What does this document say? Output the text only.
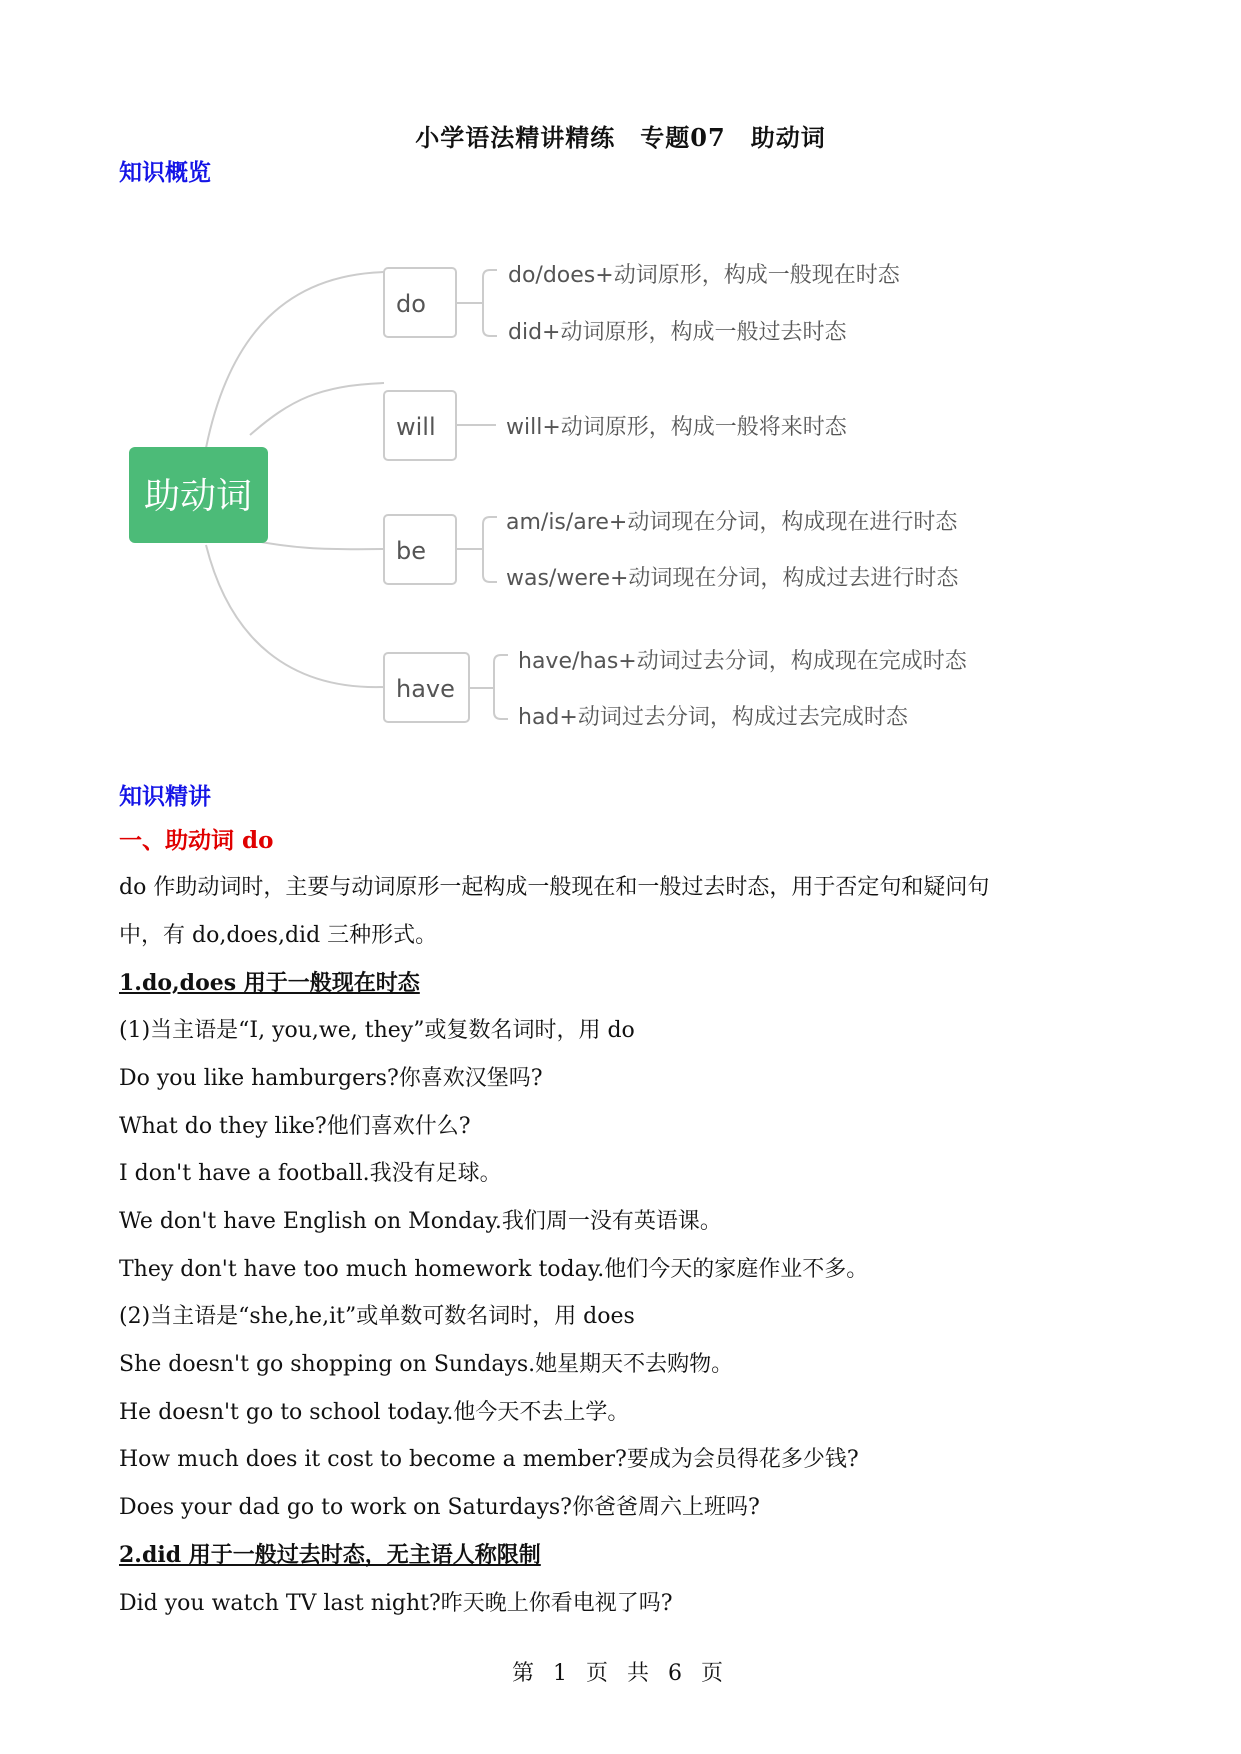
小学语法精讲精练　专题07　助动词
知识概览
助动词
do
will
be
have
do/does+动词原形，构成一般现在时态
did+动词原形，构成一般过去时态
will+动词原形，构成一般将来时态
am/is/are+动词现在分词，构成现在进行时态
was/were+动词现在分词，构成过去进行时态
have/has+动词过去分词，构成现在完成时态
had+动词过去分词，构成过去完成时态
知识精讲
一、助动词 do
do 作助动词时，主要与动词原形一起构成一般现在和一般过去时态，用于否定句和疑问句
中，有 do,does,did 三种形式。
1.do,does 用于一般现在时态
(1)当主语是“I, you,we, they”或复数名词时，用 do
Do you like hamburgers?你喜欢汉堡吗?
What do they like?他们喜欢什么?
I don't have a football.我没有足球。
We don't have English on Monday.我们周一没有英语课。
They don't have too much homework today.他们今天的家庭作业不多。
(2)当主语是“she,he,it”或单数可数名词时，用 does
She doesn't go shopping on Sundays.她星期天不去购物。
He doesn't go to school today.他今天不去上学。
How much does it cost to become a member?要成为会员得花多少钱?
Does your dad go to work on Saturdays?你爸爸周六上班吗?
2.did 用于一般过去时态，无主语人称限制
Did you watch TV last night?昨天晚上你看电视了吗?
第 1 页 共 6 页
